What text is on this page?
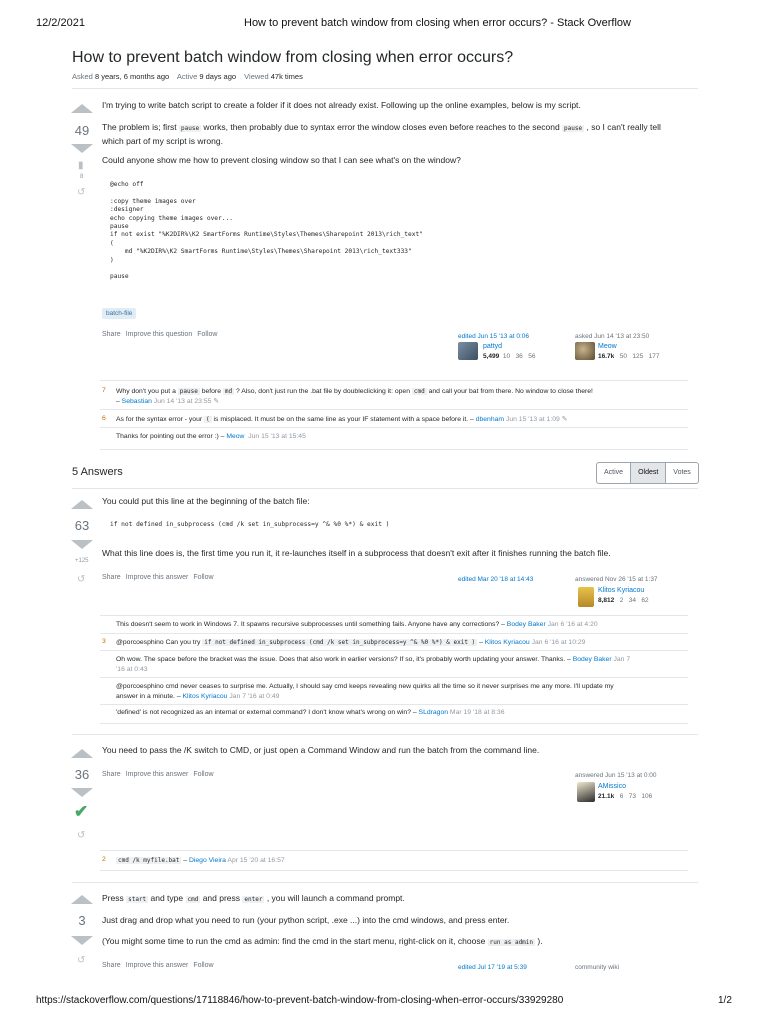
12/2/2021	How to prevent batch window from closing when error occurs? - Stack Overflow
https://stackoverflow.com/questions/17118846/how-to-prevent-batch-window-from-closing-when-error-occurs/33929280	1/2
How to prevent batch window from closing when error occurs?
Asked 8 years, 6 months ago Active 9 days ago Viewed 47k times
49
▮
8
↺
I'm trying to write batch script to create a folder if it does not already exist. Following up the online examples, below is my script.
The problem is; first pause works, then probably due to syntax error the window closes even before reaches to the second pause , so I can't really tell
which part of my script is wrong.
Could anyone show me how to prevent closing window so that I can see what's on the window?
@echo off

:copy theme images over
:designer
echo copying theme images over...
pause
if not exist "%K2DIR%\K2 SmartForms Runtime\Styles\Themes\Sharepoint 2013\rich_text"
(
md "%K2DIR%\K2 SmartForms Runtime\Styles\Themes\Sharepoint 2013\rich_text333"
)

pause
batch-file
Share Improve this question Follow	edited Jun 15 '13 at 0:06
pattyd
5,499 10 36 56
asked Jun 14 '13 at 23:50
Meow
16.7k 50 125 177
7 Why don't you put a pause before md ? Also, don't just run the .bat file by doubleclicking it: open cmd and call your bat from there. No window to close there!
– Sebastian Jun 14 '13 at 23:55 ✎
6 As for the syntax error - your ( is misplaced. It must be on the same line as your IF statement with a space before it. – dbenham Jun 15 '13 at 1:09 ✎
Thanks for pointing out the error :) – Meow Jun 15 '13 at 15:45
5 Answers	Active	Oldest	Votes
63
+125
↺
You could put this line at the beginning of the batch file:
if not defined in_subprocess (cmd /k set in_subprocess=y ^& %0 %*) & exit )
What this line does is, the first time you run it, it re-launches itself in a subprocess that doesn't exit after it finishes running the batch file.
Share Improve this answer Follow	edited Mar 20 '18 at 14:43	answered Nov 26 '15 at 1:37
Klitos Kyriacou
8,812 2 34 62
This doesn't seem to work in Windows 7. It spawns recursive subprocesses until something fails. Anyone have any corrections? – Bodey Baker Jan 6 '16 at 4:20
3 @porcoesphino Can you try if not defined in_subprocess (cmd /k set in_subprocess=y ^& %0 %*) & exit ) – Klitos Kyriacou Jan 6 '16 at 10:29
Oh wow. The space before the bracket was the issue. Does that also work in earlier versions? If so, it's probably worth updating your answer. Thanks. – Bodey Baker Jan 7
'16 at 0:43
@porcoesphino cmd never ceases to surprise me. Actually, I should say cmd keeps revealing new quirks all the time so it never surprises me any more. I'll update my
answer in a minute. – Klitos Kyriacou Jan 7 '16 at 0:49
'defined' is not recognized as an internal or external command? I don't know what's wrong on win? – SLdragon Mar 19 '18 at 8:36
36
✔
↺
You need to pass the /K switch to CMD, or just open a Command Window and run the batch from the command line.
Share Improve this answer Follow	answered Jun 15 '13 at 0:00
AMissico
21.1k 6 73 106
2	cmd /k myfile.bat – Diego Vieira Apr 15 '20 at 16:57
3
↺
Press start and type cmd and press enter , you will launch a command prompt.
Just drag and drop what you need to run (your python script, .exe ...) into the cmd windows, and press enter.
(You might some time to run the cmd as admin: find the cmd in the start menu, right-click on it, choose run as admin ).
Share Improve this answer Follow	edited Jul 17 '19 at 5:39	community wiki
